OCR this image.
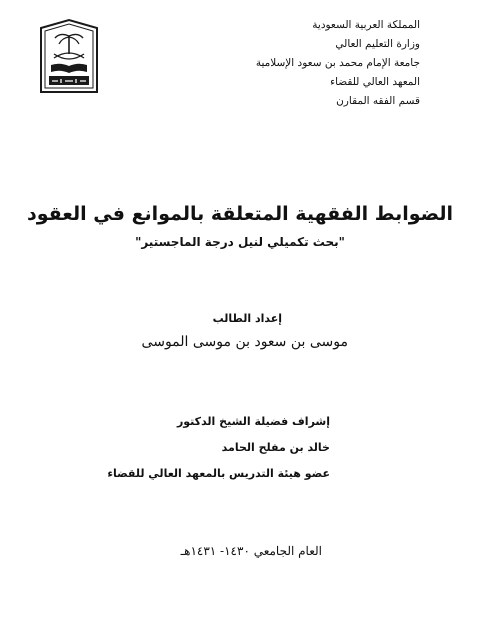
المملكة العربية السعودية
وزارة التعليم العالي
جامعة الإمام محمد بن سعود الإسلامية
المعهد العالي للقضاء
قسم الفقه المقارن
الضوابط الفقهية المتعلقة بالموانع في العقود
"بحث تكميلي لنيل درجة الماجستير"
إعداد الطالب
موسى بن سعود بن موسى الموسى
إشراف فضيلة الشيخ الدكتور
خالد بن مفلح الحامد
عضو هيئة التدريس بالمعهد العالي للقضاء
العام الجامعي ١٤٣٠- ١٤٣١هـ
